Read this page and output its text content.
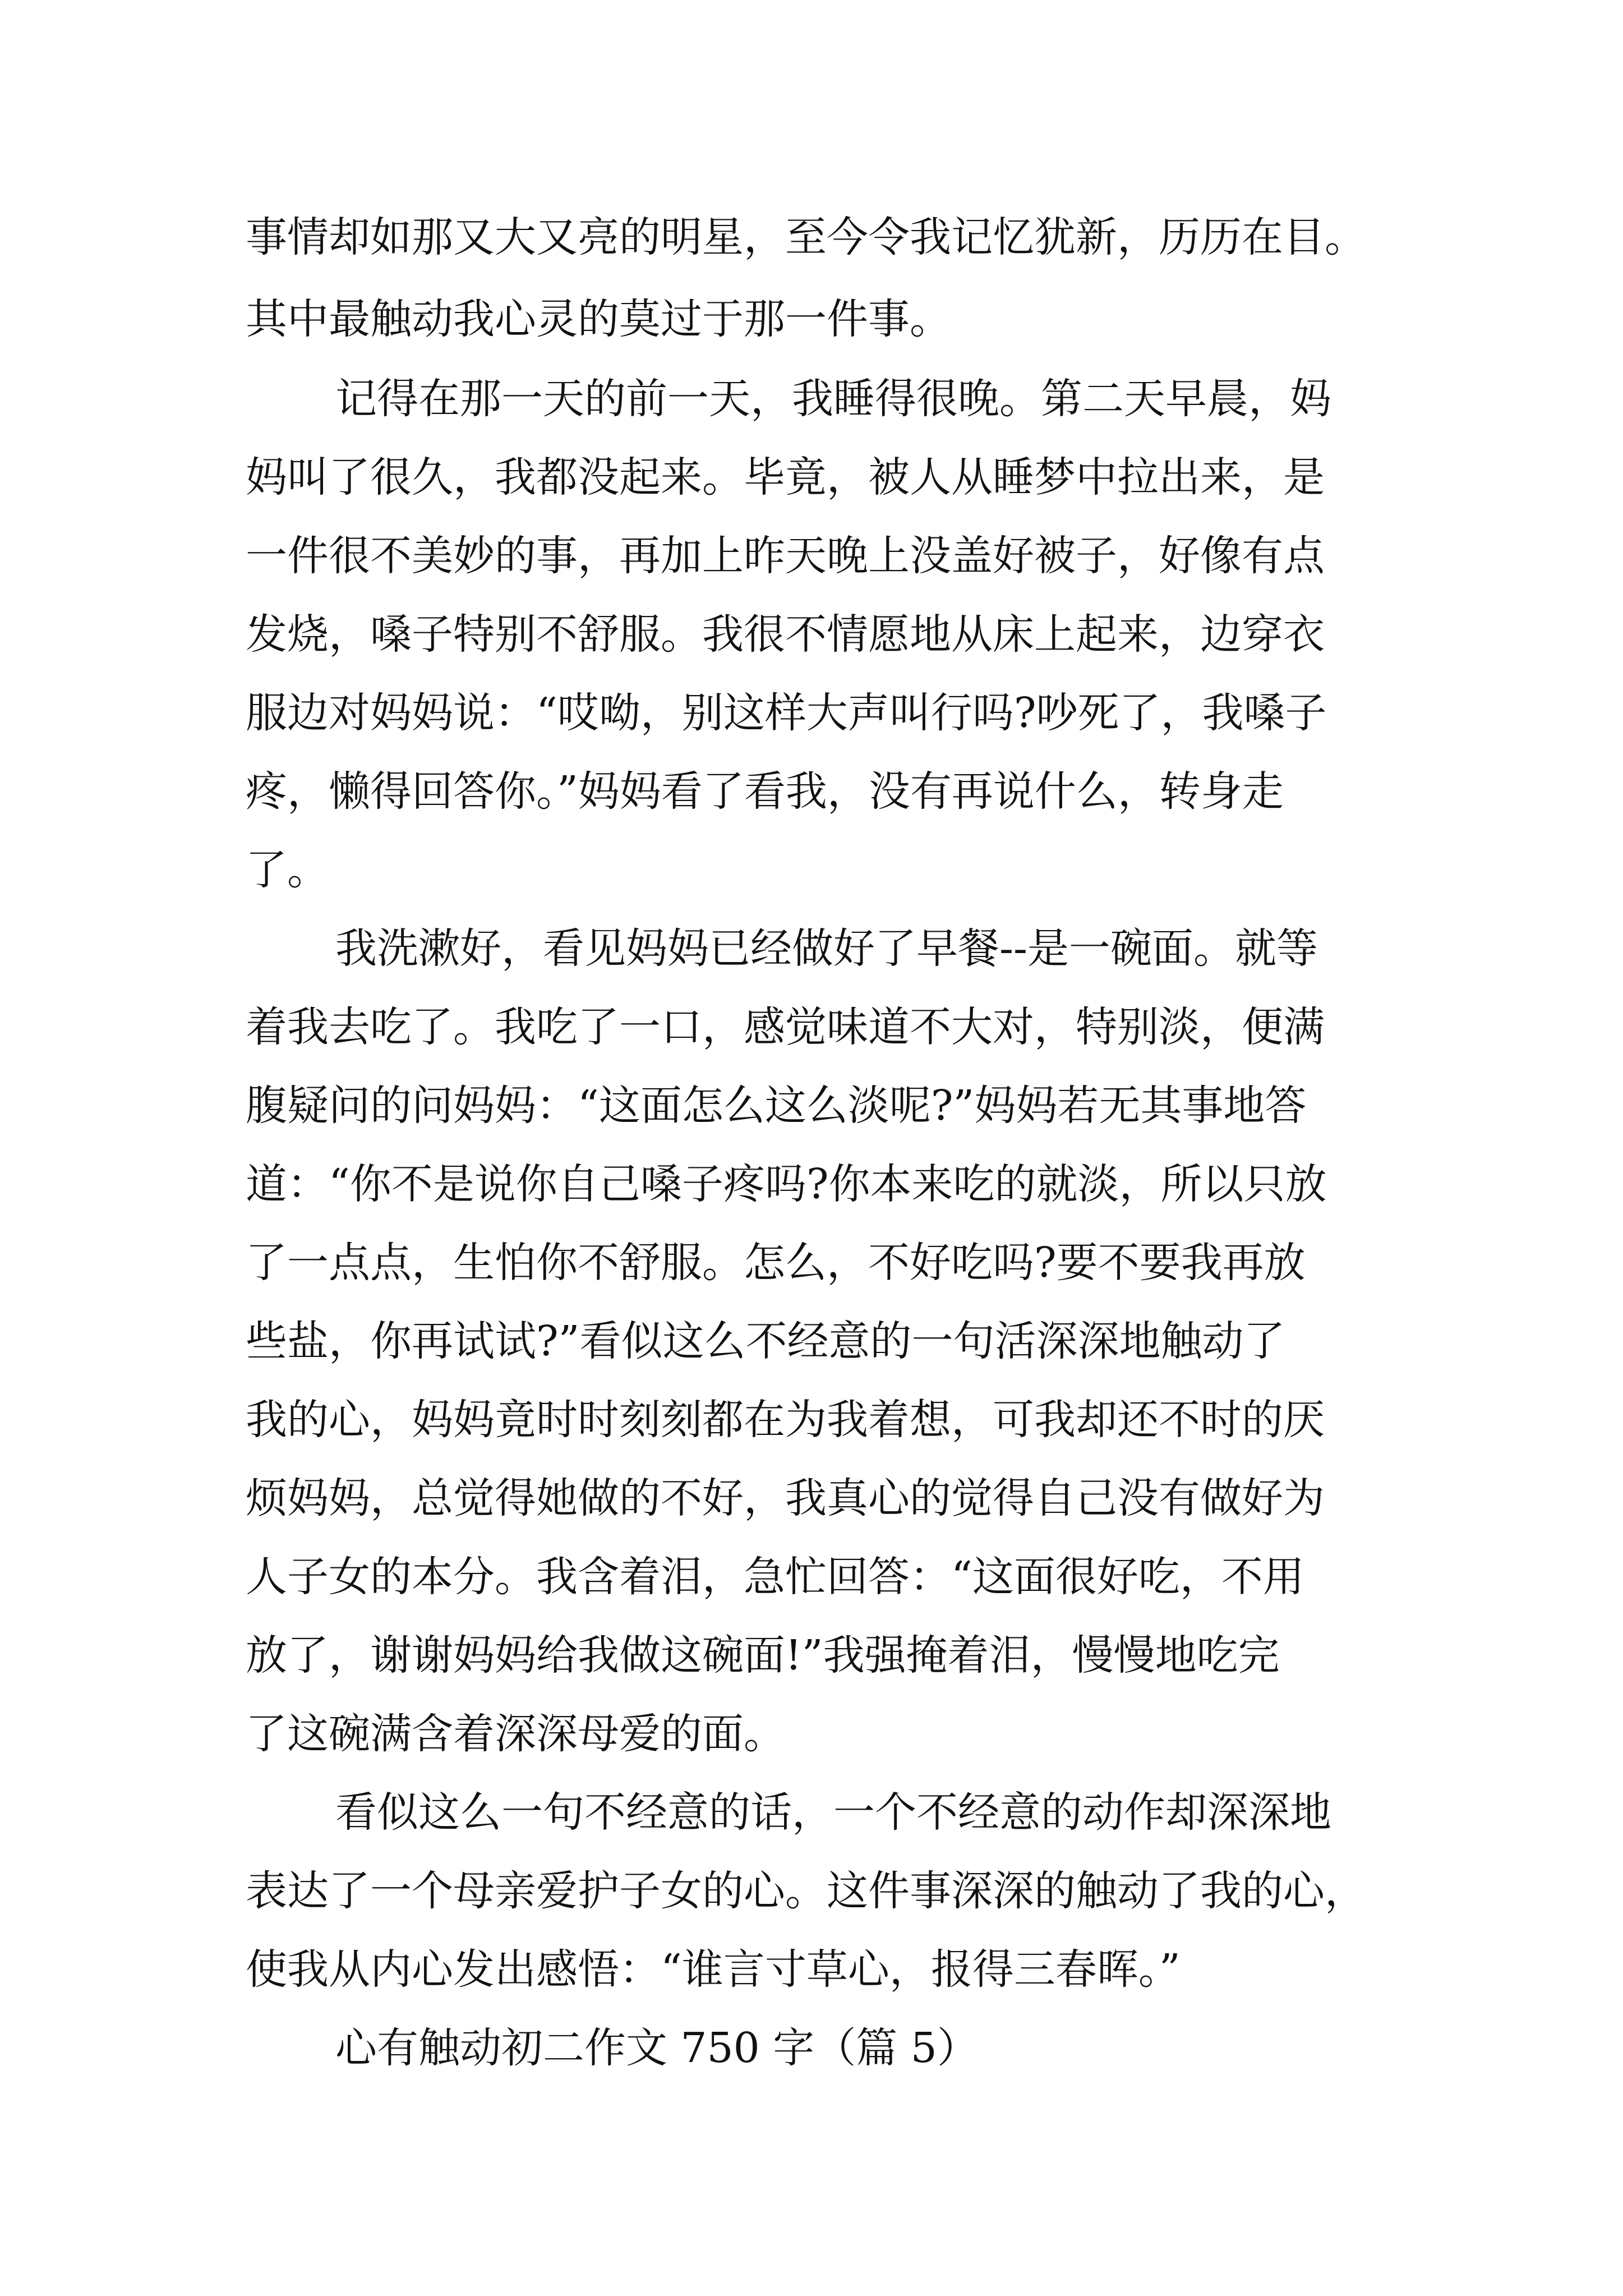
事情却如那又大又亮的明星，至今令我记忆犹新，历历在目。
其中最触动我心灵的莫过于那一件事。
记得在那一天的前一天，我睡得很晚。第二天早晨，妈
妈叫了很久，我都没起来。毕竟，被人从睡梦中拉出来，是
一件很不美妙的事，再加上昨天晚上没盖好被子，好像有点
发烧，嗓子特别不舒服。我很不情愿地从床上起来，边穿衣
服边对妈妈说：“哎呦，别这样大声叫行吗?吵死了，我嗓子
疼，懒得回答你。”妈妈看了看我，没有再说什么，转身走
了。
我洗漱好，看见妈妈已经做好了早餐--是一碗面。就等
着我去吃了。我吃了一口，感觉味道不大对，特别淡，便满
腹疑问的问妈妈：“这面怎么这么淡呢?”妈妈若无其事地答
道：“你不是说你自己嗓子疼吗?你本来吃的就淡，所以只放
了一点点，生怕你不舒服。怎么，不好吃吗?要不要我再放
些盐，你再试试?”看似这么不经意的一句活深深地触动了
我的心，妈妈竟时时刻刻都在为我着想，可我却还不时的厌
烦妈妈，总觉得她做的不好，我真心的觉得自己没有做好为
人子女的本分。我含着泪，急忙回答：“这面很好吃，不用
放了，谢谢妈妈给我做这碗面!”我强掩着泪，慢慢地吃完
了这碗满含着深深母爱的面。
看似这么一句不经意的话，一个不经意的动作却深深地
表达了一个母亲爱护子女的心。这件事深深的触动了我的心，
使我从内心发出感悟：“谁言寸草心，报得三春晖。”
心有触动初二作文 750 字（篇 5）
